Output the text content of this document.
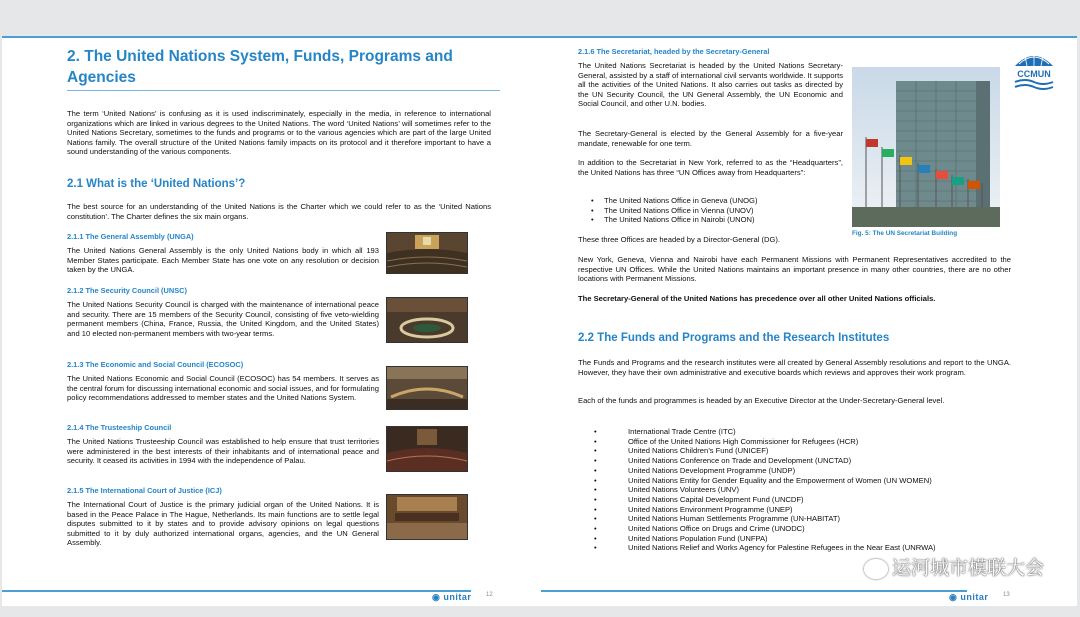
2. The United Nations System, Funds, Programs and Agencies

The term ‘United Nations’ is confusing as it is used indiscriminately, especially in the media, in reference to international organizations which are linked in various degrees to the United Nations. The word ‘United Nations’ will sometimes refer to the United Nations Secretary, sometimes to the funds and programs or to the various agencies which are part of the large United Nations family. The overall structure of the United Nations family impacts on its protocol and it therefore important to have a sound understanding of the various components.

2.1 What is the ‘United Nations’?

The best source for an understanding of the United Nations is the Charter which we could refer to as the ‘United Nations constitution’. The Charter defines the six main organs.

2.1.1 The General Assembly (UNGA)

The United Nations General Assembly is the only United Nations body in which all 193 Member States participate. Each Member State has one vote on any resolution or decision taken by the UNGA.

2.1.2 The Security Council (UNSC)

The United Nations Security Council is charged with the maintenance of international peace and security. There are 15 members of the Security Council, consisting of five veto-wielding permanent members (China, France, Russia, the United Kingdom, and the United States) and 10 elected non-permanent members with two-year terms.

2.1.3 The Economic and Social Council (ECOSOC)

The United Nations Economic and Social Council (ECOSOC) has 54 members. It serves as the central forum for discussing international economic and social issues, and for formulating policy recommendations addressed to member states and the United Nations System.

2.1.4 The Trusteeship Council

The United Nations Trusteeship Council was established to help ensure that trust territories were administered in the best interests of their inhabitants and of international peace and security. It ceased its activities in 1994 with the independence of Palau.

2.1.5 The International Court of Justice (ICJ)

The International Court of Justice is the primary judicial organ of the United Nations. It is based in the Peace Palace in The Hague, Netherlands. Its main functions are to settle legal disputes submitted to it by states and to provide advisory opinions on legal questions submitted to it by duly authorized international organs, agencies, and the UN General Assembly.

◉ unitar 12

2.1.6 The Secretariat, headed by the Secretary-General

The United Nations Secretariat is headed by the United Nations Secretary-General, assisted by a staff of international civil servants worldwide. It supports all the activities of the United Nations. It also carries out tasks as directed by the UN Security Council, the UN General Assembly, the UN Economic and Social Council, and other U.N. bodies.

The Secretary-General is elected by the General Assembly for a five-year mandate, renewable for one term.

In addition to the Secretariat in New York, referred to as the “Headquarters”, the United Nations has three “UN Offices away from Headquarters”:

• The United Nations Office in Geneva (UNOG)
• The United Nations Office in Vienna (UNOV)
• The United Nations Office in Nairobi (UNON)

These three Offices are headed by a Director-General (DG).

New York, Geneva, Vienna and Nairobi have each Permanent Missions with Permanent Representatives accredited to the respective UN Offices. While the United Nations maintains an important presence in many other countries, there are no other locations with Permanent Missions.

The Secretary-General of the United Nations has precedence over all other United Nations officials.

CCMUN

Fig. 5: The UN Secretariat Building

2.2 The Funds and Programs and the Research Institutes

The Funds and Programs and the research institutes were all created by General Assembly resolutions and report to the UNGA. However, they have their own administrative and executive boards which reviews and approves their work program.

Each of the funds and programmes is headed by an Executive Director at the Under-Secretary-General level.

• International Trade Centre (ITC)
• Office of the United Nations High Commissioner for Refugees (HCR)
• United Nations Children’s Fund (UNICEF)
• United Nations Conference on Trade and Development (UNCTAD)
• United Nations Development Programme (UNDP)
• United Nations Entity for Gender Equality and the Empowerment of Women (UN WOMEN)
• United Nations Volunteers (UNV)
• United Nations Capital Development Fund (UNCDF)
• United Nations Environment Programme (UNEP)
• United Nations Human Settlements Programme (UN-HABITAT)
• United Nations Office on Drugs and Crime (UNODC)
• United Nations Population Fund (UNFPA)
• United Nations Relief and Works Agency for Palestine Refugees in the Near East (UNRWA)
◉ unitar 13
运河城市模联大会
